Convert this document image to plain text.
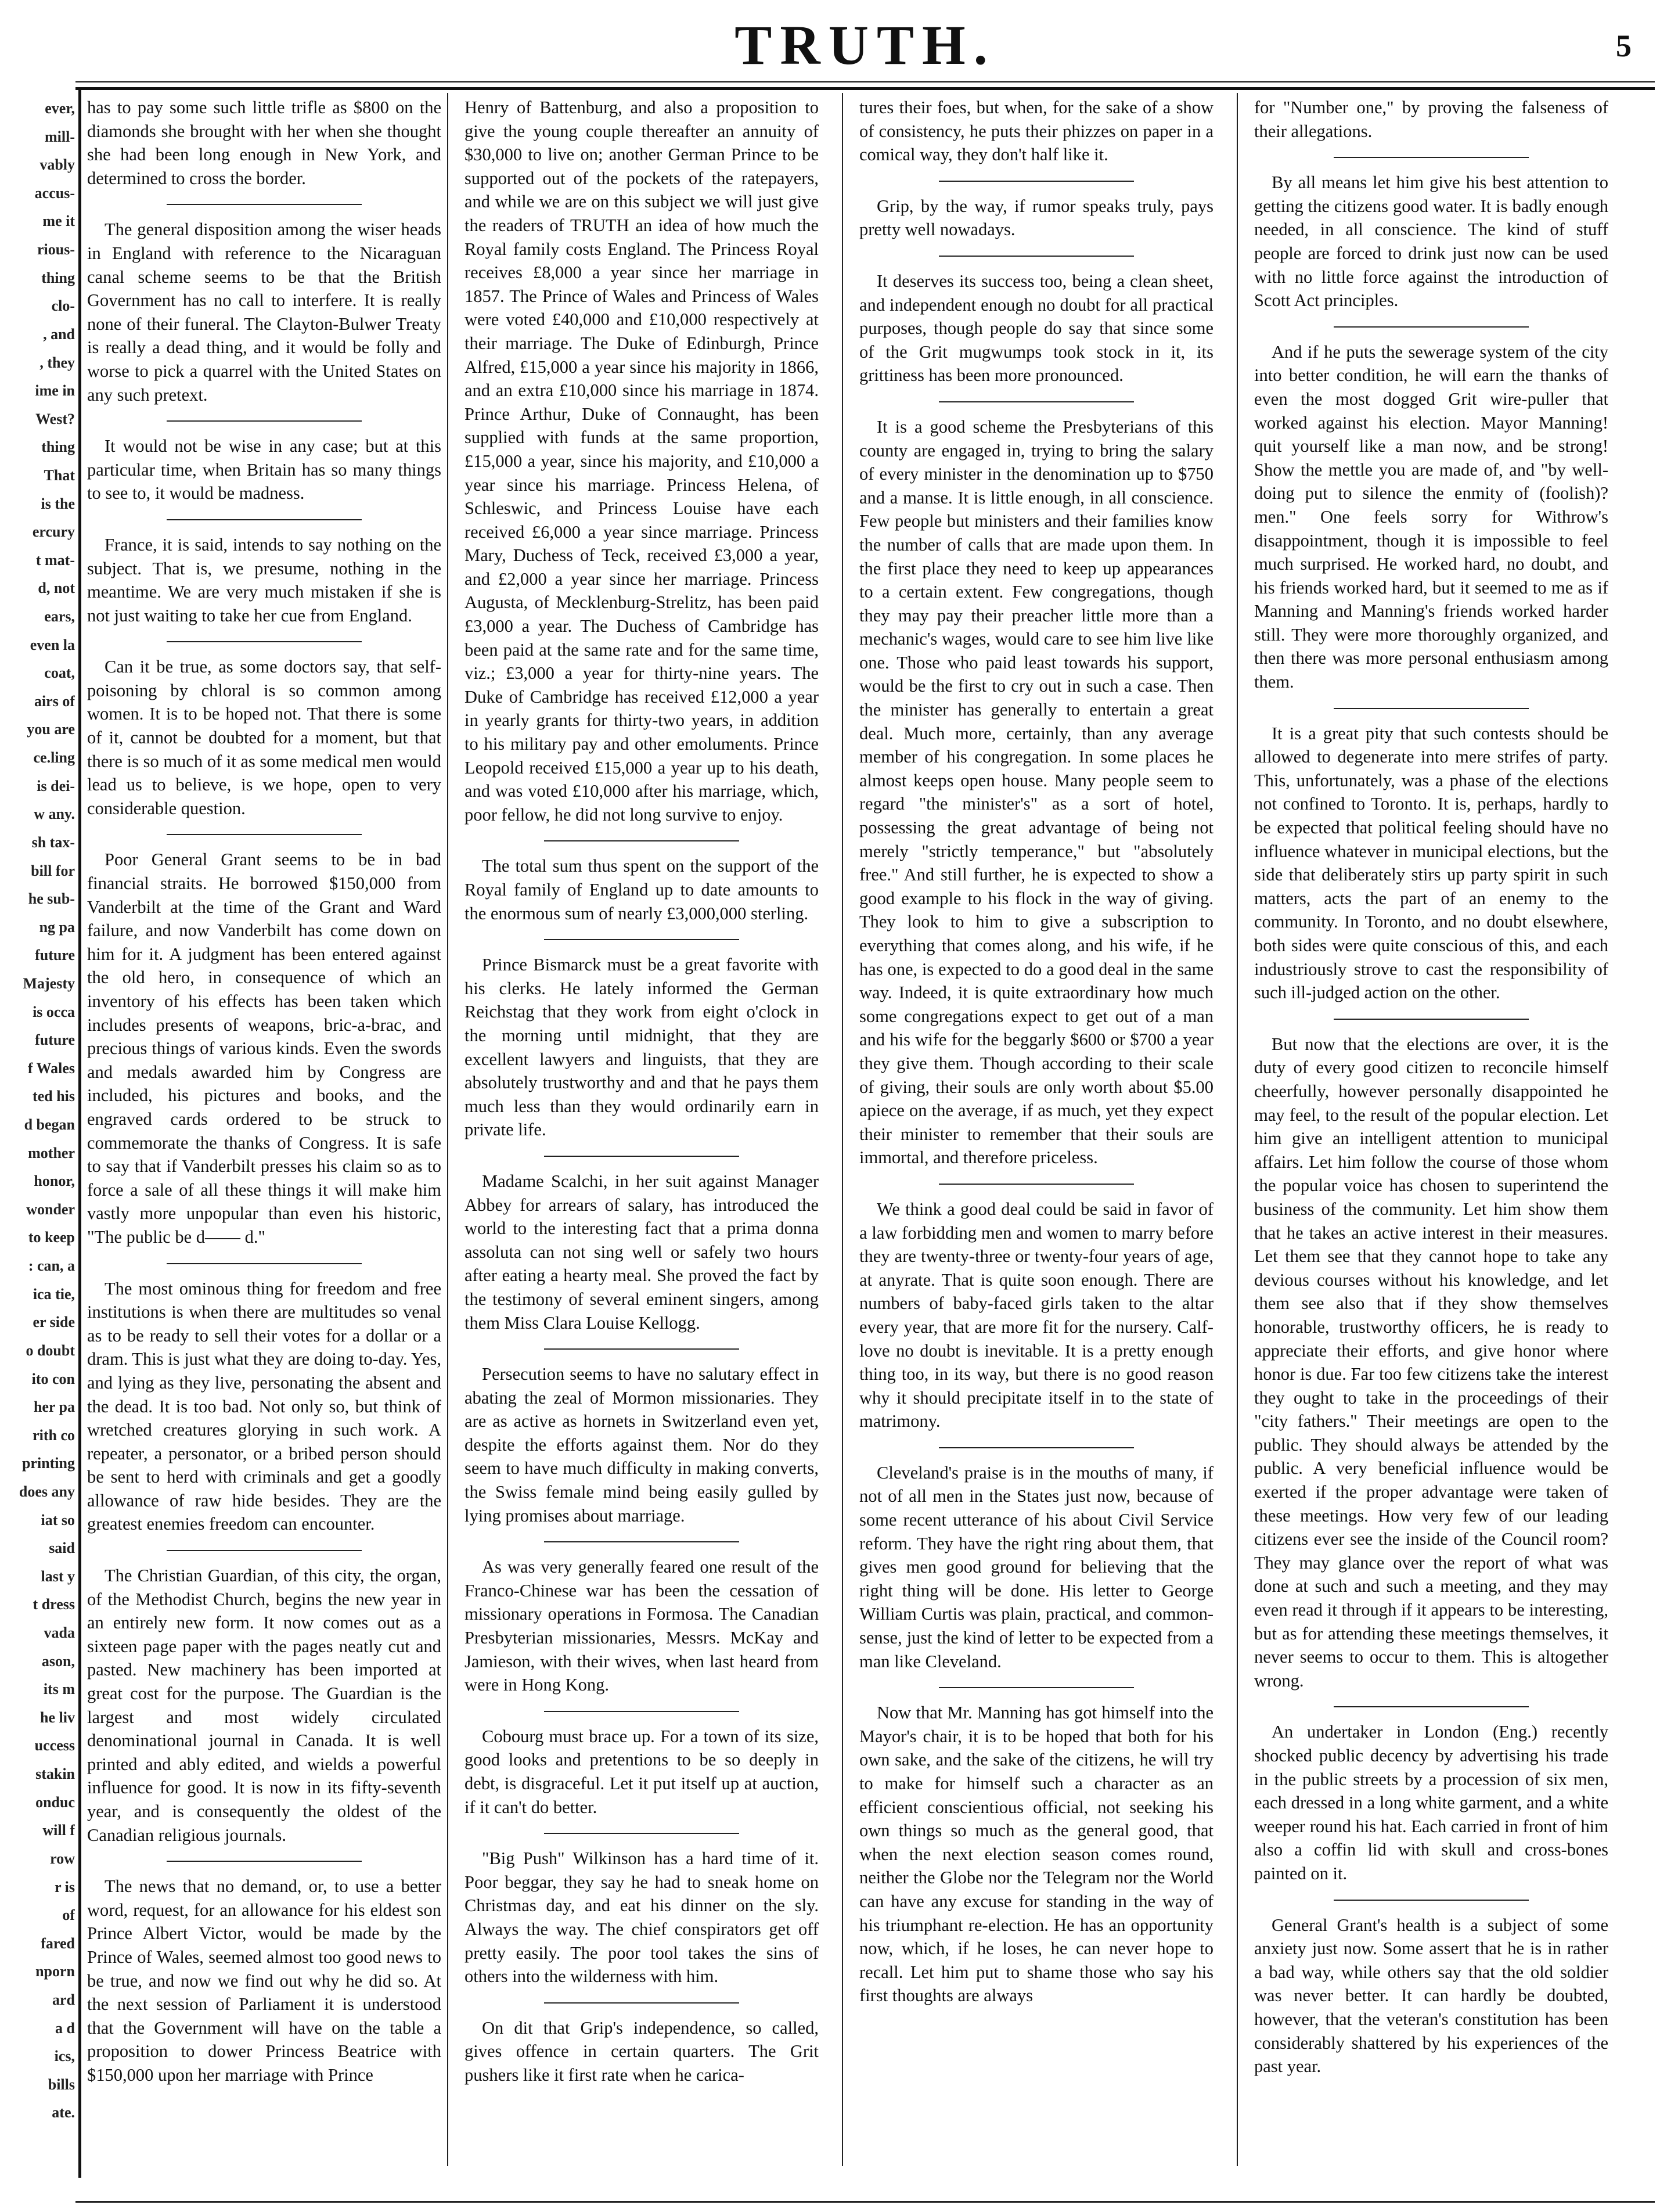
TRUTH.	5
ever,
mill-
vably
accus-
me it
rious-
thing
clo-
, and
, they
ime in
West?
thing
That
is the
ercury
t mat-
d, not
ears,
even la
coat,
airs of
you are
ce.ling
is dei-
w any.
sh tax-
bill for
he sub-
ng pa
future
Majesty
is occa
future
f Wales
ted his
d began
mother
honor,
wonder
to keep
: can, a
ica tie,
er side
o doubt
ito con
her pa
rith co
printing
does any
iat so
said
last y
t dress
vada
ason,
its m
he liv
uccess
stakin
onduc
will f
row
r is
of
fared
nporn
ard
a d
ics,
bills
ate.

has to pay some such little trifle as $800 on the diamonds she brought with her when she thought she had been long enough in New York, and determined to cross the border.

The general disposition among the wiser heads in England with reference to the Nicaraguan canal scheme seems to be that the British Government has no call to interfere. It is really none of their funeral. The Clayton-Bulwer Treaty is really a dead thing, and it would be folly and worse to pick a quarrel with the United States on any such pretext.

It would not be wise in any case; but at this particular time, when Britain has so many things to see to, it would be madness.

France, it is said, intends to say nothing on the subject. That is, we presume, nothing in the meantime. We are very much mistaken if she is not just waiting to take her cue from England.

Can it be true, as some doctors say, that self-poisoning by chloral is so common among women. It is to be hoped not. That there is some of it, cannot be doubted for a moment, but that there is so much of it as some medical men would lead us to believe, is we hope, open to very considerable question.

Poor General Grant seems to be in bad financial straits. He borrowed $150,000 from Vanderbilt at the time of the Grant and Ward failure, and now Vanderbilt has come down on him for it. A judgment has been entered against the old hero, in consequence of which an inventory of his effects has been taken which includes presents of weapons, bric-a-brac, and precious things of various kinds. Even the swords and medals awarded him by Congress are included, his pictures and books, and the engraved cards ordered to be struck to commemorate the thanks of Congress. It is safe to say that if Vanderbilt presses his claim so as to force a sale of all these things it will make him vastly more unpopular than even his historic, "The public be d—— d."

The most ominous thing for freedom and free institutions is when there are multitudes so venal as to be ready to sell their votes for a dollar or a dram. This is just what they are doing to-day. Yes, and lying as they live, personating the absent and the dead. It is too bad. Not only so, but think of wretched creatures glorying in such work. A repeater, a personator, or a bribed person should be sent to herd with criminals and get a goodly allowance of raw hide besides. They are the greatest enemies freedom can encounter.

The Christian Guardian, of this city, the organ, of the Methodist Church, begins the new year in an entirely new form. It now comes out as a sixteen page paper with the pages neatly cut and pasted. New machinery has been imported at great cost for the purpose. The Guardian is the largest and most widely circulated denominational journal in Canada. It is well printed and ably edited, and wields a powerful influence for good. It is now in its fifty-seventh year, and is consequently the oldest of the Canadian religious journals.

The news that no demand, or, to use a better word, request, for an allowance for his eldest son Prince Albert Victor, would be made by the Prince of Wales, seemed almost too good news to be true, and now we find out why he did so. At the next session of Parliament it is understood that the Government will have on the table a proposition to dower Princess Beatrice with $150,000 upon her marriage with Prince

Henry of Battenburg, and also a proposition to give the young couple thereafter an annuity of $30,000 to live on; another German Prince to be supported out of the pockets of the ratepayers, and while we are on this subject we will just give the readers of TRUTH an idea of how much the Royal family costs England. The Princess Royal receives £8,000 a year since her marriage in 1857. The Prince of Wales and Princess of Wales were voted £40,000 and £10,000 respectively at their marriage. The Duke of Edinburgh, Prince Alfred, £15,000 a year since his majority in 1866, and an extra £10,000 since his marriage in 1874. Prince Arthur, Duke of Connaught, has been supplied with funds at the same proportion, £15,000 a year, since his majority, and £10,000 a year since his marriage. Princess Helena, of Schleswic, and Princess Louise have each received £6,000 a year since marriage. Princess Mary, Duchess of Teck, received £3,000 a year, and £2,000 a year since her marriage. Princess Augusta, of Mecklenburg-Strelitz, has been paid £3,000 a year. The Duchess of Cambridge has been paid at the same rate and for the same time, viz.; £3,000 a year for thirty-nine years. The Duke of Cambridge has received £12,000 a year in yearly grants for thirty-two years, in addition to his military pay and other emoluments. Prince Leopold received £15,000 a year up to his death, and was voted £10,000 after his marriage, which, poor fellow, he did not long survive to enjoy.

The total sum thus spent on the support of the Royal family of England up to date amounts to the enormous sum of nearly £3,000,000 sterling.

Prince Bismarck must be a great favorite with his clerks. He lately informed the German Reichstag that they work from eight o'clock in the morning until midnight, that they are excellent lawyers and linguists, that they are absolutely trustworthy and and that he pays them much less than they would ordinarily earn in private life.

Madame Scalchi, in her suit against Manager Abbey for arrears of salary, has introduced the world to the interesting fact that a prima donna assoluta can not sing well or safely two hours after eating a hearty meal. She proved the fact by the testimony of several eminent singers, among them Miss Clara Louise Kellogg.

Persecution seems to have no salutary effect in abating the zeal of Mormon missionaries. They are as active as hornets in Switzerland even yet, despite the efforts against them. Nor do they seem to have much difficulty in making converts, the Swiss female mind being easily gulled by lying promises about marriage.

As was very generally feared one result of the Franco-Chinese war has been the cessation of missionary operations in Formosa. The Canadian Presbyterian missionaries, Messrs. McKay and Jamieson, with their wives, when last heard from were in Hong Kong.

Cobourg must brace up. For a town of its size, good looks and pretentions to be so deeply in debt, is disgraceful. Let it put itself up at auction, if it can't do better.

"Big Push" Wilkinson has a hard time of it. Poor beggar, they say he had to sneak home on Christmas day, and eat his dinner on the sly. Always the way. The chief conspirators get off pretty easily. The poor tool takes the sins of others into the wilderness with him.

On dit that Grip's independence, so called, gives offence in certain quarters. The Grit pushers like it first rate when he carica-

tures their foes, but when, for the sake of a show of consistency, he puts their phizzes on paper in a comical way, they don't half like it.

Grip, by the way, if rumor speaks truly, pays pretty well nowadays.

It deserves its success too, being a clean sheet, and independent enough no doubt for all practical purposes, though people do say that since some of the Grit mugwumps took stock in it, its grittiness has been more pronounced.

It is a good scheme the Presbyterians of this county are engaged in, trying to bring the salary of every minister in the denomination up to $750 and a manse. It is little enough, in all conscience. Few people but ministers and their families know the number of calls that are made upon them. In the first place they need to keep up appearances to a certain extent. Few congregations, though they may pay their preacher little more than a mechanic's wages, would care to see him live like one. Those who paid least towards his support, would be the first to cry out in such a case. Then the minister has generally to entertain a great deal. Much more, certainly, than any average member of his congregation. In some places he almost keeps open house. Many people seem to regard "the minister's" as a sort of hotel, possessing the great advantage of being not merely "strictly temperance," but "absolutely free." And still further, he is expected to show a good example to his flock in the way of giving. They look to him to give a subscription to everything that comes along, and his wife, if he has one, is expected to do a good deal in the same way. Indeed, it is quite extraordinary how much some congregations expect to get out of a man and his wife for the beggarly $600 or $700 a year they give them. Though according to their scale of giving, their souls are only worth about $5.00 apiece on the average, if as much, yet they expect their minister to remember that their souls are immortal, and therefore priceless.

We think a good deal could be said in favor of a law forbidding men and women to marry before they are twenty-three or twenty-four years of age, at anyrate. That is quite soon enough. There are numbers of baby-faced girls taken to the altar every year, that are more fit for the nursery. Calf-love no doubt is inevitable. It is a pretty enough thing too, in its way, but there is no good reason why it should precipitate itself in to the state of matrimony.

Cleveland's praise is in the mouths of many, if not of all men in the States just now, because of some recent utterance of his about Civil Service reform. They have the right ring about them, that gives men good ground for believing that the right thing will be done. His letter to George William Curtis was plain, practical, and common-sense, just the kind of letter to be expected from a man like Cleveland.

Now that Mr. Manning has got himself into the Mayor's chair, it is to be hoped that both for his own sake, and the sake of the citizens, he will try to make for himself such a character as an efficient conscientious official, not seeking his own things so much as the general good, that when the next election season comes round, neither the Globe nor the Telegram nor the World can have any excuse for standing in the way of his triumphant re-election. He has an opportunity now, which, if he loses, he can never hope to recall. Let him put to shame those who say his first thoughts are always

for "Number one," by proving the falseness of their allegations.

By all means let him give his best attention to getting the citizens good water. It is badly enough needed, in all conscience. The kind of stuff people are forced to drink just now can be used with no little force against the introduction of Scott Act principles.

And if he puts the sewerage system of the city into better condition, he will earn the thanks of even the most dogged Grit wire-puller that worked against his election. Mayor Manning! quit yourself like a man now, and be strong! Show the mettle you are made of, and "by well-doing put to silence the enmity of (foolish)? men." One feels sorry for Withrow's disappointment, though it is impossible to feel much surprised. He worked hard, no doubt, and his friends worked hard, but it seemed to me as if Manning and Manning's friends worked harder still. They were more thoroughly organized, and then there was more personal enthusiasm among them.

It is a great pity that such contests should be allowed to degenerate into mere strifes of party. This, unfortunately, was a phase of the elections not confined to Toronto. It is, perhaps, hardly to be expected that political feeling should have no influence whatever in municipal elections, but the side that deliberately stirs up party spirit in such matters, acts the part of an enemy to the community. In Toronto, and no doubt elsewhere, both sides were quite conscious of this, and each industriously strove to cast the responsibility of such ill-judged action on the other.

But now that the elections are over, it is the duty of every good citizen to reconcile himself cheerfully, however personally disappointed he may feel, to the result of the popular election. Let him give an intelligent attention to municipal affairs. Let him follow the course of those whom the popular voice has chosen to superintend the business of the community. Let him show them that he takes an active interest in their measures. Let them see that they cannot hope to take any devious courses without his knowledge, and let them see also that if they show themselves honorable, trustworthy officers, he is ready to appreciate their efforts, and give honor where honor is due. Far too few citizens take the interest they ought to take in the proceedings of their "city fathers." Their meetings are open to the public. They should always be attended by the public. A very beneficial influence would be exerted if the proper advantage were taken of these meetings. How very few of our leading citizens ever see the inside of the Council room? They may glance over the report of what was done at such and such a meeting, and they may even read it through if it appears to be interesting, but as for attending these meetings themselves, it never seems to occur to them. This is altogether wrong.

An undertaker in London (Eng.) recently shocked public decency by advertising his trade in the public streets by a procession of six men, each dressed in a long white garment, and a white weeper round his hat. Each carried in front of him also a coffin lid with skull and cross-bones painted on it.

General Grant's health is a subject of some anxiety just now. Some assert that he is in rather a bad way, while others say that the old soldier was never better. It can hardly be doubted, however, that the veteran's constitution has been considerably shattered by his experiences of the past year.
